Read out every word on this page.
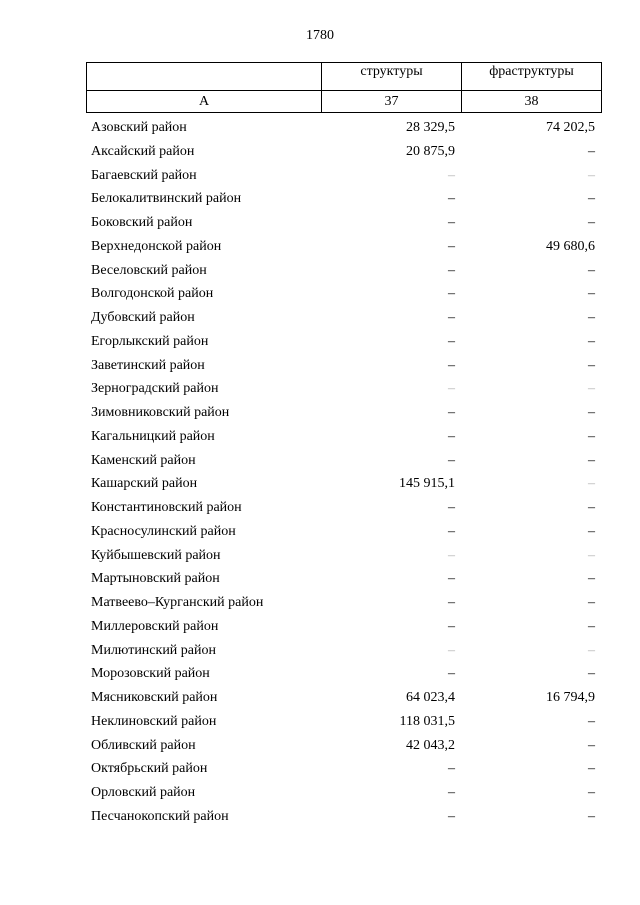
1780

	структуры	фраструктуры

А	37	38
Азовский район	28 329,5	74 202,5
Аксайский район	20 875,9	–
Багаевский район	–	–
Белокалитвинский район	–	–
Боковский район	–	–
Верхнедонской район	–	49 680,6
Веселовский район	–	–
Волгодонской район	–	–
Дубовский район	–	–
Егорлыкский район	–	–
Заветинский район	–	–
Зерноградский район	–	–
Зимовниковский район	–	–
Кагальницкий район	–	–
Каменский район	–	–
Кашарский район	145 915,1	–
Константиновский район	–	–
Красносулинский район	–	–
Куйбышевский район	–	–
Мартыновский район	–	–
Матвеево–Курганский район	–	–
Миллеровский район	–	–
Милютинский район	–	–
Морозовский район	–	–
Мясниковский район	64 023,4	16 794,9
Неклиновский район	118 031,5	–
Обливский район	42 043,2	–
Октябрьский район	–	–
Орловский район	–	–
Песчанокопский район	–	–
